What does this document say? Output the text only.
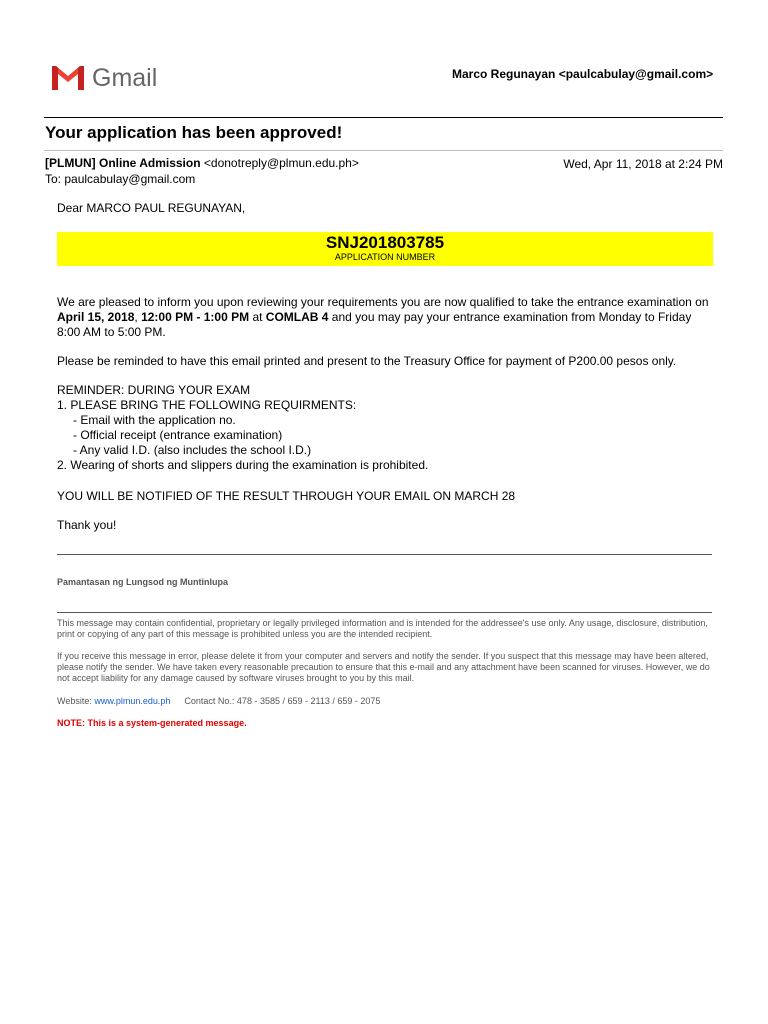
Gmail	Marco Regunayan <paulcabulay@gmail.com>
Your application has been approved!
[PLMUN] Online Admission <donotreply@plmun.edu.ph>	Wed, Apr 11, 2018 at 2:24 PM
To: paulcabulay@gmail.com
Dear MARCO PAUL REGUNAYAN,
SNJ201803785
APPLICATION NUMBER
We are pleased to inform you upon reviewing your requirements you are now qualified to take the entrance examination on April 15, 2018, 12:00 PM - 1:00 PM at COMLAB 4 and you may pay your entrance examination from Monday to Friday 8:00 AM to 5:00 PM.
Please be reminded to have this email printed and present to the Treasury Office for payment of P200.00 pesos only.
REMINDER: DURING YOUR EXAM
1. PLEASE BRING THE FOLLOWING REQUIRMENTS:
- Email with the application no.
- Official receipt (entrance examination)
- Any valid I.D. (also includes the school I.D.)
2. Wearing of shorts and slippers during the examination is prohibited.
YOU WILL BE NOTIFIED OF THE RESULT THROUGH YOUR EMAIL ON MARCH 28
Thank you!
Pamantasan ng Lungsod ng Muntinlupa
This message may contain confidential, proprietary or legally privileged information and is intended for the addressee's use only. Any usage, disclosure, distribution, print or copying of any part of this message is prohibited unless you are the intended recipient.
If you receive this message in error, please delete it from your computer and servers and notify the sender. If you suspect that this message may have been altered, please notify the sender. We have taken every reasonable precaution to ensure that this e-mail and any attachment have been scanned for viruses. However, we do not accept liability for any damage caused by software viruses brought to you by this mail.
Website: www.plmun.edu.ph Contact No.: 478 - 3585 / 659 - 2113 / 659 - 2075
NOTE: This is a system-generated message.
